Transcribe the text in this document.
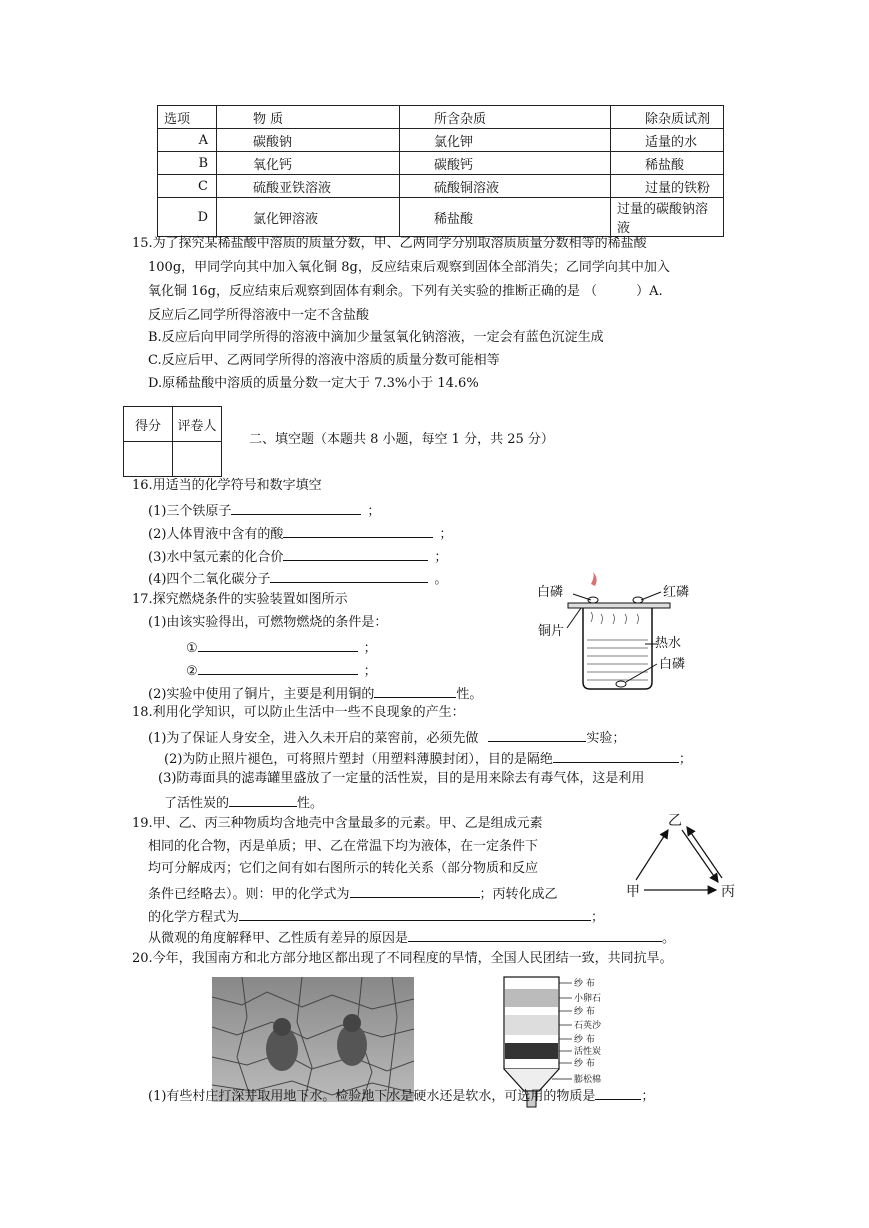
选项	物 质	所含杂质	除杂质试剂
A	碳酸钠	氯化钾	适量的水
B	氧化钙	碳酸钙	稀盐酸
C	硫酸亚铁溶液	硫酸铜溶液	过量的铁粉
D	氯化钾溶液	稀盐酸	过量的碳酸钠溶液
15.为了探究某稀盐酸中溶质的质量分数，甲、乙两同学分别取溶质质量分数相等的稀盐酸
100g，甲同学向其中加入氧化铜 8g，反应结束后观察到固体全部消失；乙同学向其中加入
氧化铜 16g，反应结束后观察到固体有剩余。下列有关实验的推断正确的是 （　　　）A.
反应后乙同学所得溶液中一定不含盐酸
B.反应后向甲同学所得的溶液中滴加少量氢氧化钠溶液，一定会有蓝色沉淀生成
C.反应后甲、乙两同学所得的溶液中溶质的质量分数可能相等
D.原稀盐酸中溶质的质量分数一定大于 7.3%小于 14.6%
得分	评卷人

二、填空题（本题共 8 小题，每空 1 分，共 25 分）
16.用适当的化学符号和数字填空
(1)三个铁原子	；
(2)人体胃液中含有的酸	；
(3)水中氢元素的化合价	；
(4)四个二氧化碳分子	。
17.探究燃烧条件的实验装置如图所示
(1)由该实验得出，可燃物燃烧的条件是：
①	；
②	；
(2)实验中使用了铜片，主要是利用铜的	性。
白磷	红磷
铜片
热水
白磷
18.利用化学知识，可以防止生活中一些不良现象的产生：
(1)为了保证人身安全，进入久未开启的菜窖前，必须先做	实验；
(2)为防止照片褪色，可将照片塑封（用塑料薄膜封闭），目的是隔绝	；
(3)防毒面具的滤毒罐里盛放了一定量的活性炭，目的是用来除去有毒气体，这是利用
了活性炭的	性。
19.甲、乙、丙三种物质均含地壳中含量最多的元素。甲、乙是组成元素
相同的化合物，丙是单质；甲、乙在常温下均为液体，在一定条件下
均可分解成丙；它们之间有如右图所示的转化关系（部分物质和反应
条件已经略去）。则：甲的化学式为	；丙转化成乙
的化学方程式为	；
从微观的角度解释甲、乙性质有差异的原因是	。
乙
甲	丙
20.今年，我国南方和北方部分地区都出现了不同程度的旱情，全国人民团结一致，共同抗旱。
纱 布
小卵石
纱 布
石英沙
纱 布
活性炭
纱 布
膨松棉
(1)有些村庄打深井取用地下水。检验地下水是硬水还是软水，可选用的物质是	；
